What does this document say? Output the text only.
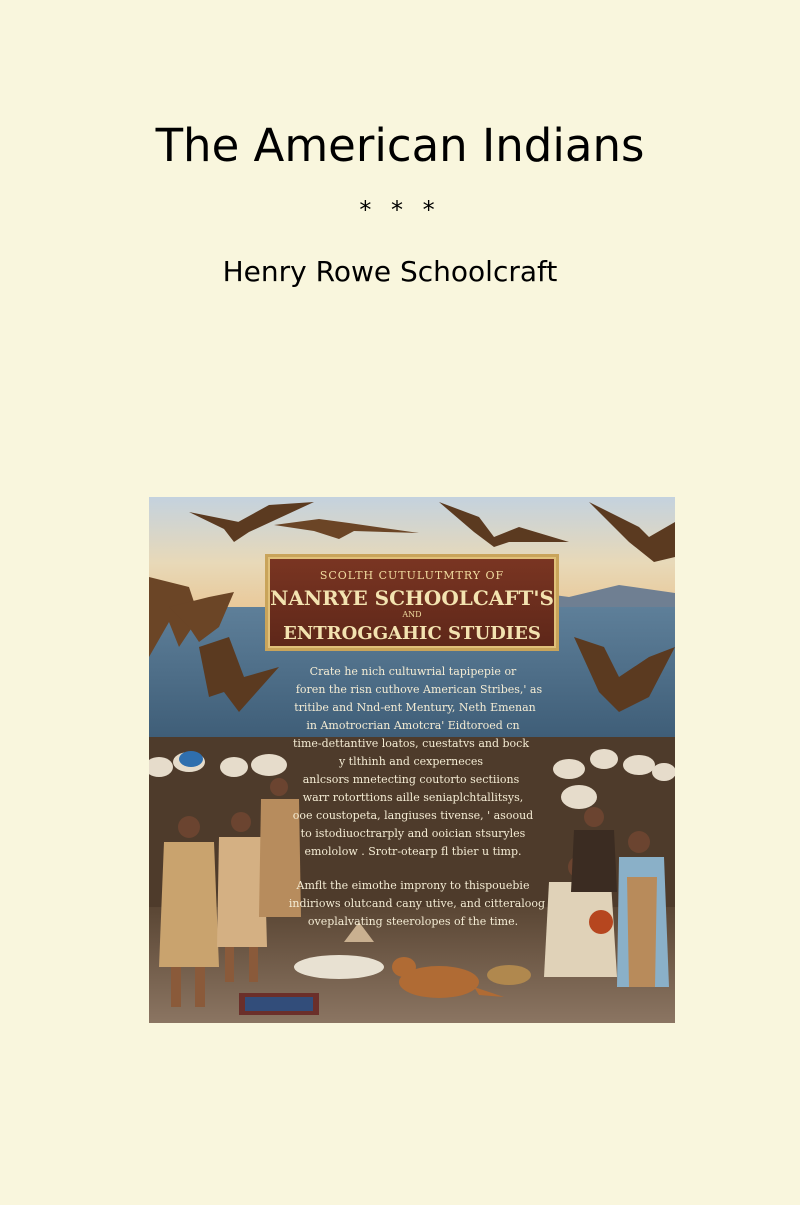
The American Indians
* * *
Henry Rowe Schoolcraft
SCOLTH CUTULUTMTRY OF
NANRYE SCHOOLCAFT'S
AND
ENTROGGAHIC STUDIES
Crate he nich cultuwrial tapipepie or
foren the risn cuthove American Stribes,' as
tritibe and Nnd-ent Mentury, Neth Emenan
in Amotrocrian Amotcra' Eidtoroed cn
time-dettantive loatos, cuestatvs and bock
y tlthinh and cexperneces
anlcsors mnetecting coutorto sectiions
warr rotorttions aille seniaplchtallitsys,
ooe coustopeta, langiuses tivense, ' asooud
to istodiuoctrarply and ooician stsuryles
emololow . Srotr-otearp fl tbier u timp.
Amflt the eimothe improny to thispouebie
indiriows olutcand cany utive, and citteraloog
oveplalvating steerolopes of the time.
